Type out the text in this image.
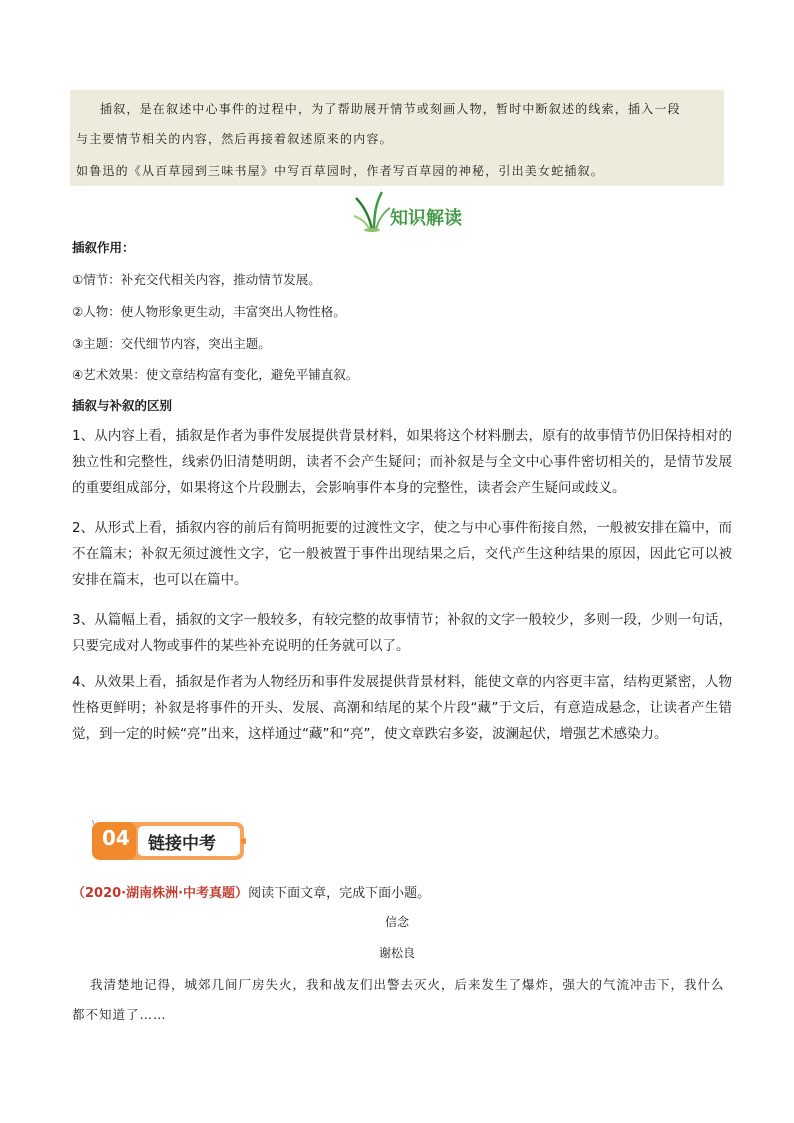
插叙，是在叙述中心事件的过程中，为了帮助展开情节或刻画人物，暂时中断叙述的线索，插入一段
与主要情节相关的内容，然后再接着叙述原来的内容。
如鲁迅的《从百草园到三味书屋》中写百草园时，作者写百草园的神秘，引出美女蛇插叙。
知识解读
插叙作用：
①情节：补充交代相关内容，推动情节发展。
②人物：使人物形象更生动，丰富突出人物性格。
③主题：交代细节内容，突出主题。
④艺术效果：使文章结构富有变化，避免平铺直叙。
插叙与补叙的区别

1、从内容上看，插叙是作者为事件发展提供背景材料，如果将这个材料删去，原有的故事情节仍旧保持相对的独立性和完整性，线索仍旧清楚明朗，读者不会产生疑问；而补叙是与全文中心事件密切相关的，是情节发展的重要组成部分，如果将这个片段删去，会影响事件本身的完整性，读者会产生疑问或歧义。

2、从形式上看，插叙内容的前后有简明扼要的过渡性文字，使之与中心事件衔接自然，一般被安排在篇中，而不在篇末；补叙无须过渡性文字，它一般被置于事件出现结果之后，交代产生这种结果的原因，因此它可以被安排在篇末，也可以在篇中。

3、从篇幅上看，插叙的文字一般较多，有较完整的故事情节；补叙的文字一般较少，多则一段，少则一句话，只要完成对人物或事件的某些补充说明的任务就可以了。

4、从效果上看，插叙是作者为人物经历和事件发展提供背景材料，能使文章的内容更丰富，结构更紧密，人物性格更鲜明；补叙是将事件的开头、发展、高潮和结尾的某个片段“藏”于文后，有意造成悬念，让读者产生错觉，到一定的时候“亮”出来，这样通过“藏”和“亮”，使文章跌宕多姿，波澜起伏，增强艺术感染力。

04 链接中考
（2020·湖南株洲·中考真题）阅读下面文章，完成下面小题。
信念
谢松良

我清楚地记得，城郊几间厂房失火，我和战友们出警去灭火，后来发生了爆炸，强大的气流冲击下，我什么都不知道了……
